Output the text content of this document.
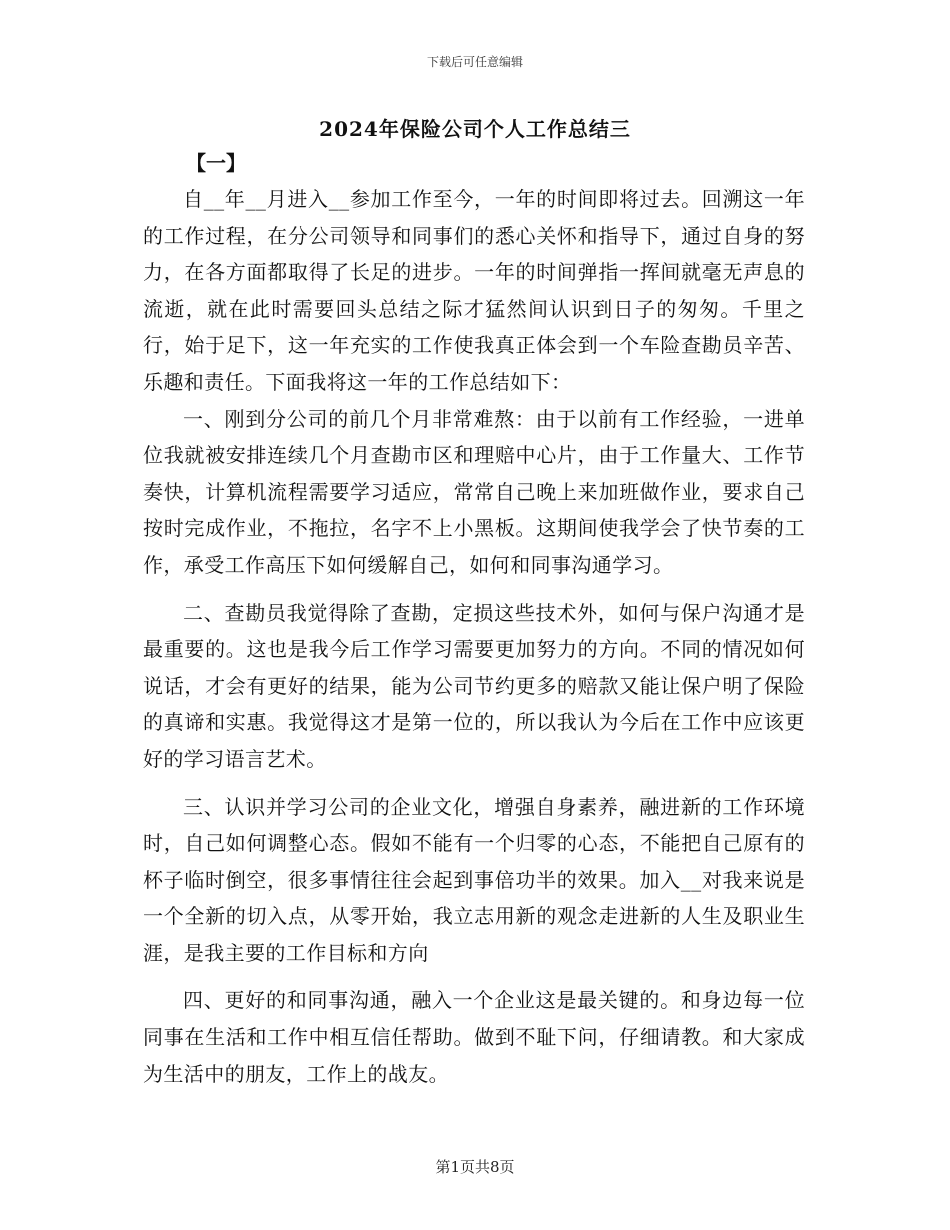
下载后可任意编辑
2024年保险公司个人工作总结三
【一】

自__年__月进入__参加工作至今，一年的时间即将过去。回溯这一年的工作过程，在分公司领导和同事们的悉心关怀和指导下，通过自身的努力，在各方面都取得了长足的进步。一年的时间弹指一挥间就毫无声息的流逝，就在此时需要回头总结之际才猛然间认识到日子的匆匆。千里之行，始于足下，这一年充实的工作使我真正体会到一个车险查勘员辛苦、乐趣和责任。下面我将这一年的工作总结如下：

一、刚到分公司的前几个月非常难熬：由于以前有工作经验，一进单位我就被安排连续几个月查勘市区和理赔中心片，由于工作量大、工作节奏快，计算机流程需要学习适应，常常自己晚上来加班做作业，要求自己按时完成作业，不拖拉，名字不上小黑板。这期间使我学会了快节奏的工作，承受工作高压下如何缓解自己，如何和同事沟通学习。

二、查勘员我觉得除了查勘，定损这些技术外，如何与保户沟通才是最重要的。这也是我今后工作学习需要更加努力的方向。不同的情况如何说话，才会有更好的结果，能为公司节约更多的赔款又能让保户明了保险的真谛和实惠。我觉得这才是第一位的，所以我认为今后在工作中应该更好的学习语言艺术。

三、认识并学习公司的企业文化，增强自身素养，融进新的工作环境时，自己如何调整心态。假如不能有一个归零的心态，不能把自己原有的杯子临时倒空，很多事情往往会起到事倍功半的效果。加入__对我来说是一个全新的切入点，从零开始，我立志用新的观念走进新的人生及职业生涯，是我主要的工作目标和方向

四、更好的和同事沟通，融入一个企业这是最关键的。和身边每一位同事在生活和工作中相互信任帮助。做到不耻下问，仔细请教。和大家成为生活中的朋友，工作上的战友。

第1页共8页
